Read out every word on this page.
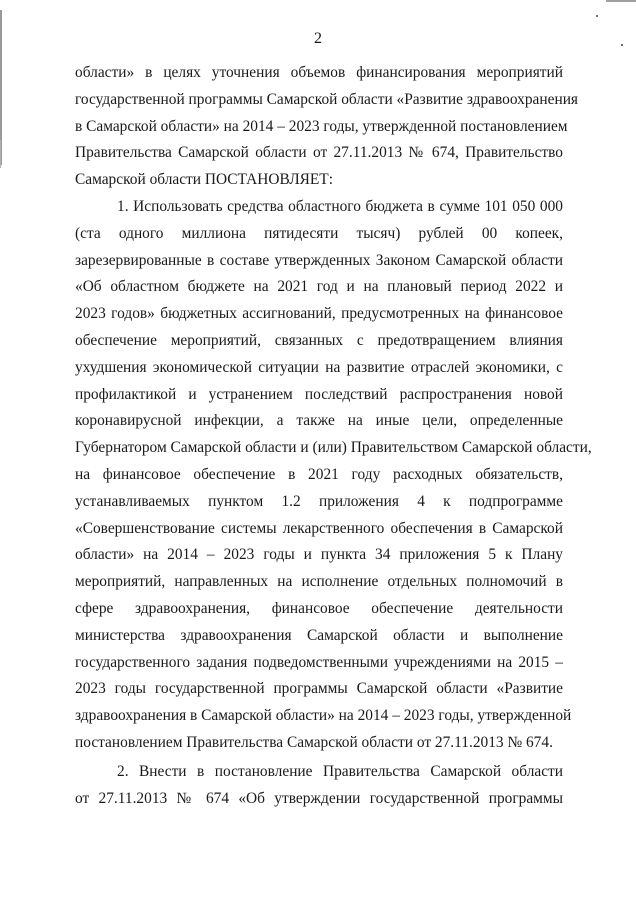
2
области» в целях уточнения объемов финансирования мероприятий
государственной программы Самарской области «Развитие здравоохранения
в Самарской области» на 2014 – 2023 годы, утвержденной постановлением
Правительства Самарской области от 27.11.2013 № 674, Правительство
Самарской области ПОСТАНОВЛЯЕТ:
1. Использовать средства областного бюджета в сумме 101 050 000
(ста одного миллиона пятидесяти тысяч) рублей 00 копеек,
зарезервированные в составе утвержденных Законом Самарской области
«Об областном бюджете на 2021 год и на плановый период 2022 и
2023 годов» бюджетных ассигнований, предусмотренных на финансовое
обеспечение мероприятий, связанных с предотвращением влияния
ухудшения экономической ситуации на развитие отраслей экономики, с
профилактикой и устранением последствий распространения новой
коронавирусной инфекции, а также на иные цели, определенные
Губернатором Самарской области и (или) Правительством Самарской области,
на финансовое обеспечение в 2021 году расходных обязательств,
устанавливаемых пунктом 1.2 приложения 4 к подпрограмме
«Совершенствование системы лекарственного обеспечения в Самарской
области» на 2014 – 2023 годы и пункта 34 приложения 5 к Плану
мероприятий, направленных на исполнение отдельных полномочий в
сфере здравоохранения, финансовое обеспечение деятельности
министерства здравоохранения Самарской области и выполнение
государственного задания подведомственными учреждениями на 2015 –
2023 годы государственной программы Самарской области «Развитие
здравоохранения в Самарской области» на 2014 – 2023 годы, утвержденной
постановлением Правительства Самарской области от 27.11.2013 № 674.
2. Внести в постановление Правительства Самарской области
от 27.11.2013 № 674 «Об утверждении государственной программы
